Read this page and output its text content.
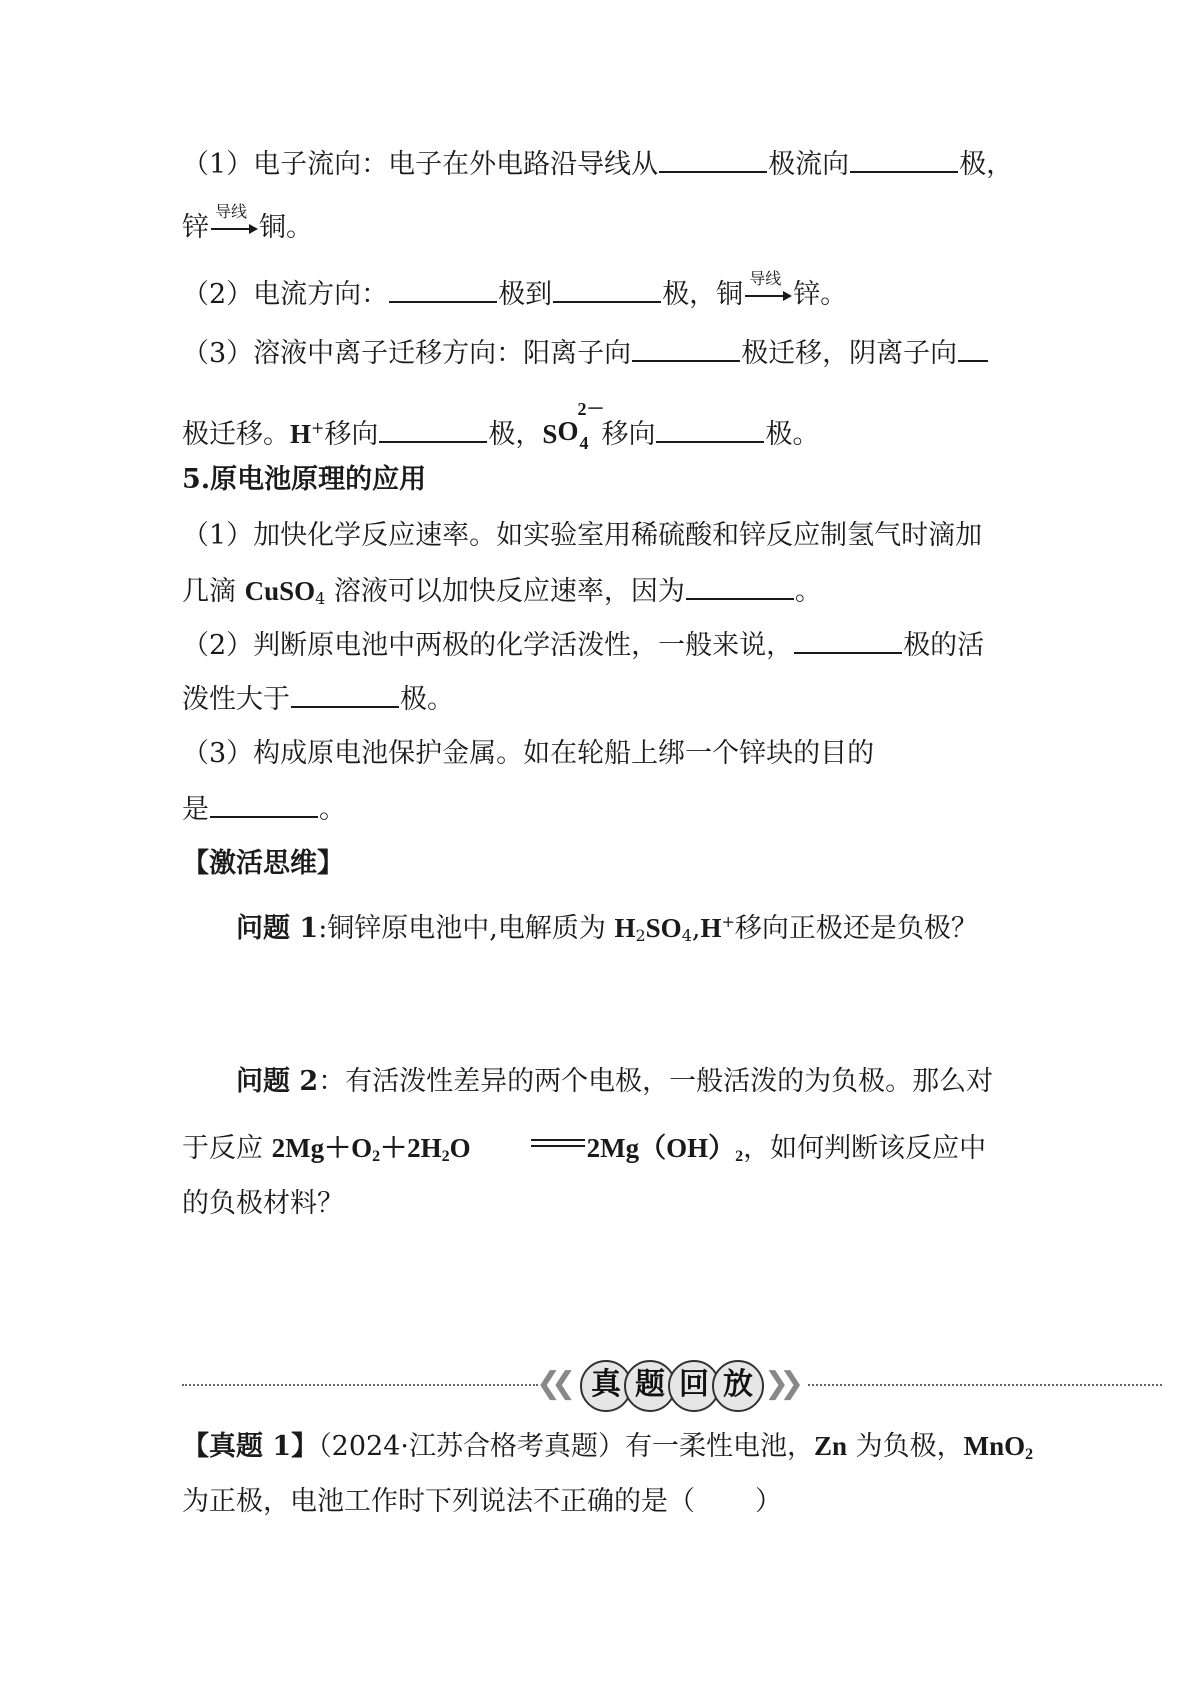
（1）电子流向：电子在外电路沿导线从	极流向	极，
锌
导线
铜。
（2）电流方向：	极到	极，铜
导线
锌。
（3）溶液中离子迁移方向：阳离子向	极迁移，阴离子向
极迁移。H+移向	极，S O
2－
4 移向	极。
5.原电池原理的应用
（1）加快化学反应速率。如实验室用稀硫酸和锌反应制氢气时滴加
几滴 CuSO$_4$ 溶液可以加快反应速率，因为	。
（2）判断原电池中两极的化学活泼性，一般来说，	极的活
泼性大于	极。
（3）构成原电池保护金属。如在轮船上绑一个锌块的目的
是	。
【激活思维】
问题 1:铜锌原电池中,电解质为 $H_2SO_4,H^+$移向正极还是负极？
问题 2：有活泼性差异的两个电极，一般活泼的为负极。那么对
于反应 $2Mg+O_2+2H_2O$	$2Mg(OH)_2$，如何判断该反应中
的负极材料？
❮❮ 真 题 回 放 ❯❯
【真题 1】（2024·江苏合格考真题）有一柔性电池，Zn 为负极，MnO$_2$
为正极，电池工作时下列说法不正确的是（ ）
